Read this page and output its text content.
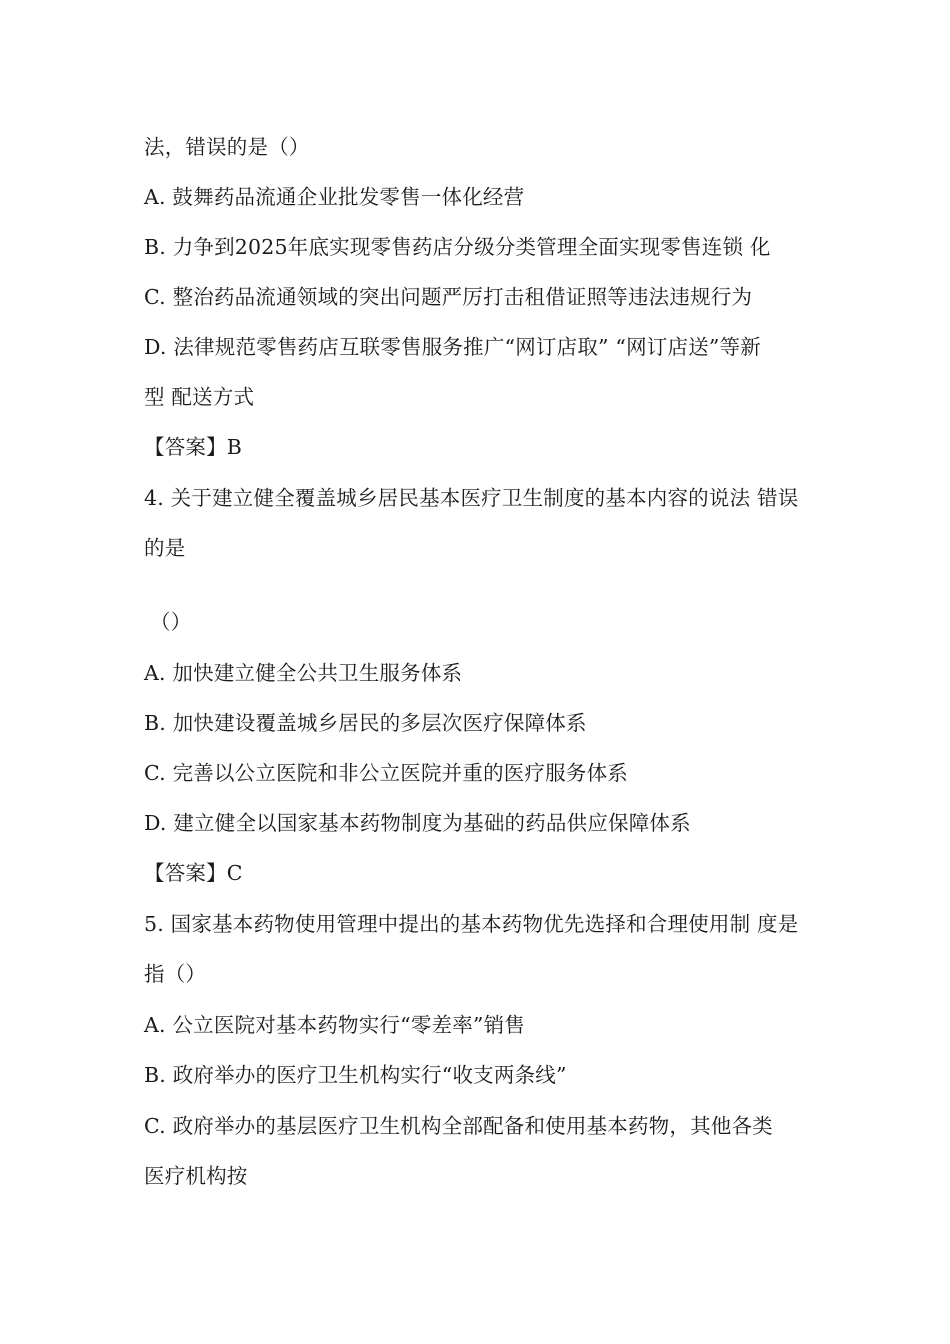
法，错误的是（）
A. 鼓舞药品流通企业批发零售一体化经营
B. 力争到2025年底实现零售药店分级分类管理全面实现零售连锁 化
C. 整治药品流通领域的突出问题严厉打击租借证照等违法违规行为
D. 法律规范零售药店互联零售服务推广“网订店取” “网订店送”等新
型 配送方式
【答案】B
4. 关于建立健全覆盖城乡居民基本医疗卫生制度的基本内容的说法 错误
的是
（）
A. 加快建立健全公共卫生服务体系
B. 加快建设覆盖城乡居民的多层次医疗保障体系
C. 完善以公立医院和非公立医院并重的医疗服务体系
D. 建立健全以国家基本药物制度为基础的药品供应保障体系
【答案】C
5. 国家基本药物使用管理中提出的基本药物优先选择和合理使用制 度是
指（）
A. 公立医院对基本药物实行“零差率”销售
B. 政府举办的医疗卫生机构实行“收支两条线”
C. 政府举办的基层医疗卫生机构全部配备和使用基本药物，其他各类
医疗机构按
